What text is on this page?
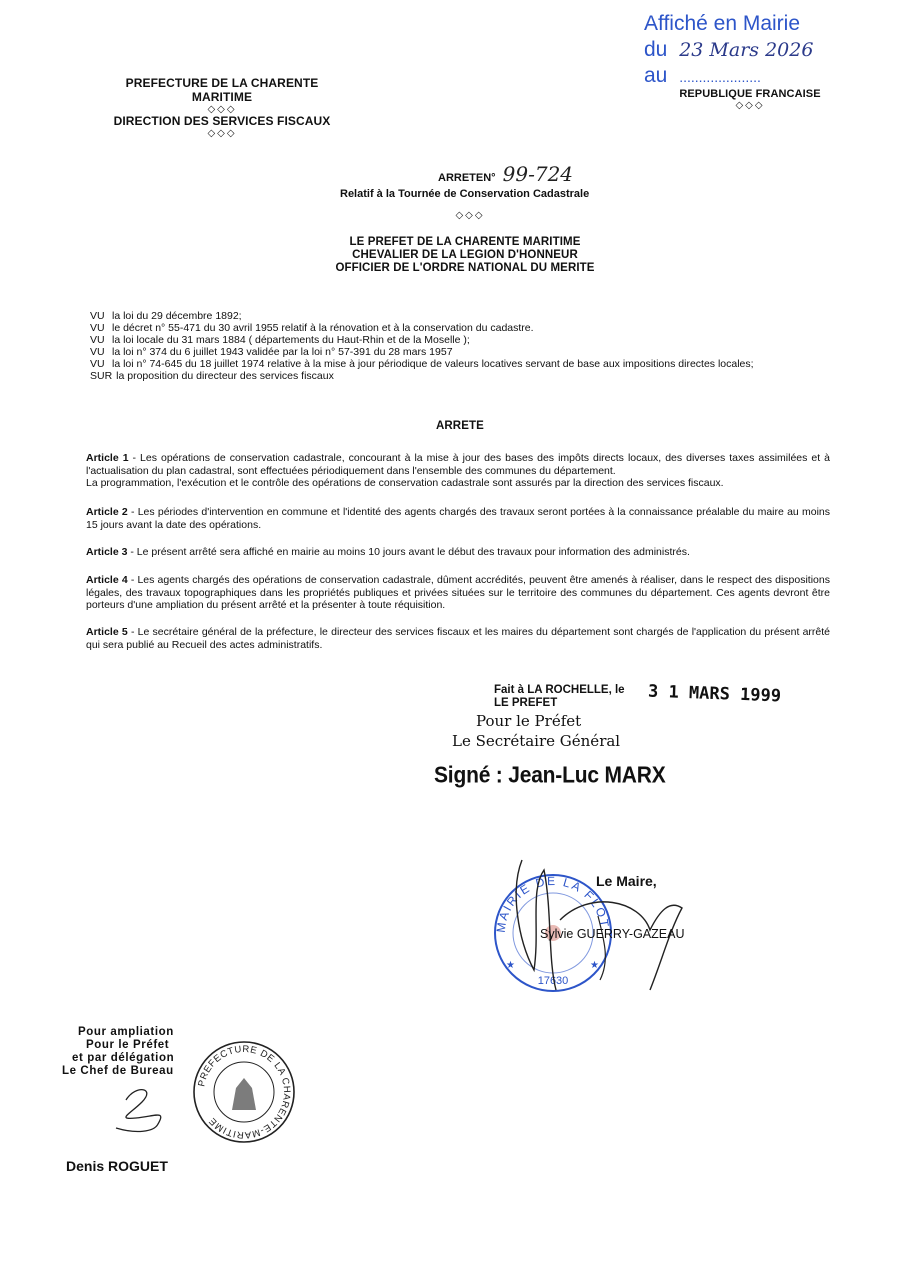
Affiché en Mairie
du 23 Mars 2026
au .....................
PREFECTURE DE LA CHARENTE MARITIME
◇◇◇
DIRECTION DES SERVICES FISCAUX
◇◇◇
REPUBLIQUE FRANCAISE
◇◇◇
ARRETEN° 99-724
Relatif à la Tournée de Conservation Cadastrale
◇◇◇
LE PREFET DE LA CHARENTE MARITIME
CHEVALIER DE LA LEGION D'HONNEUR
OFFICIER DE L'ORDRE NATIONAL DU MERITE
VU la loi du 29 décembre 1892;
VU le décret n° 55-471 du 30 avril 1955 relatif à la rénovation et à la conservation du cadastre.
VU la loi locale du 31 mars 1884 ( départements du Haut-Rhin et de la Moselle );
VU la loi n° 374 du 6 juillet 1943 validée par la loi n° 57-391 du 28 mars 1957
VU la loi n° 74-645 du 18 juillet 1974 relative à la mise à jour périodique de valeurs locatives servant de base aux impositions directes locales;
SUR la proposition du directeur des services fiscaux
ARRETE
Article 1 - Les opérations de conservation cadastrale, concourant à la mise à jour des bases des impôts directs locaux, des diverses taxes assimilées et à l'actualisation du plan cadastral, sont effectuées périodiquement dans l'ensemble des communes du département.
La programmation, l'exécution et le contrôle des opérations de conservation cadastrale sont assurés par la direction des services fiscaux.
Article 2 - Les périodes d'intervention en commune et l'identité des agents chargés des travaux seront portées à la connaissance préalable du maire au moins 15 jours avant la date des opérations.
Article 3 - Le présent arrêté sera affiché en mairie au moins 10 jours avant le début des travaux pour information des administrés.
Article 4 - Les agents chargés des opérations de conservation cadastrale, dûment accrédités, peuvent être amenés à réaliser, dans le respect des dispositions légales, des travaux topographiques dans les propriétés publiques et privées situées sur le territoire des communes du département. Ces agents devront être porteurs d'une ampliation du présent arrêté et la présenter à toute réquisition.
Article 5 - Le secrétaire général de la préfecture, le directeur des services fiscaux et les maires du département sont chargés de l'application du présent arrêté qui sera publié au Recueil des actes administratifs.
Fait à LA ROCHELLE, le
LE PREFET	3 1 MARS 1999
Pour le Préfet
Le Secrétaire Général
Signé : Jean-Luc MARX
MAIRIE DE LA FLOT
17630
★	★
Le Maire,
Sylvie GUERRY-GAZEAU
Pour ampliation
Pour le Préfet
et par délégation
Le Chef de Bureau
PREFECTURE DE LA CHARENTE-MARITIME
Denis ROGUET
